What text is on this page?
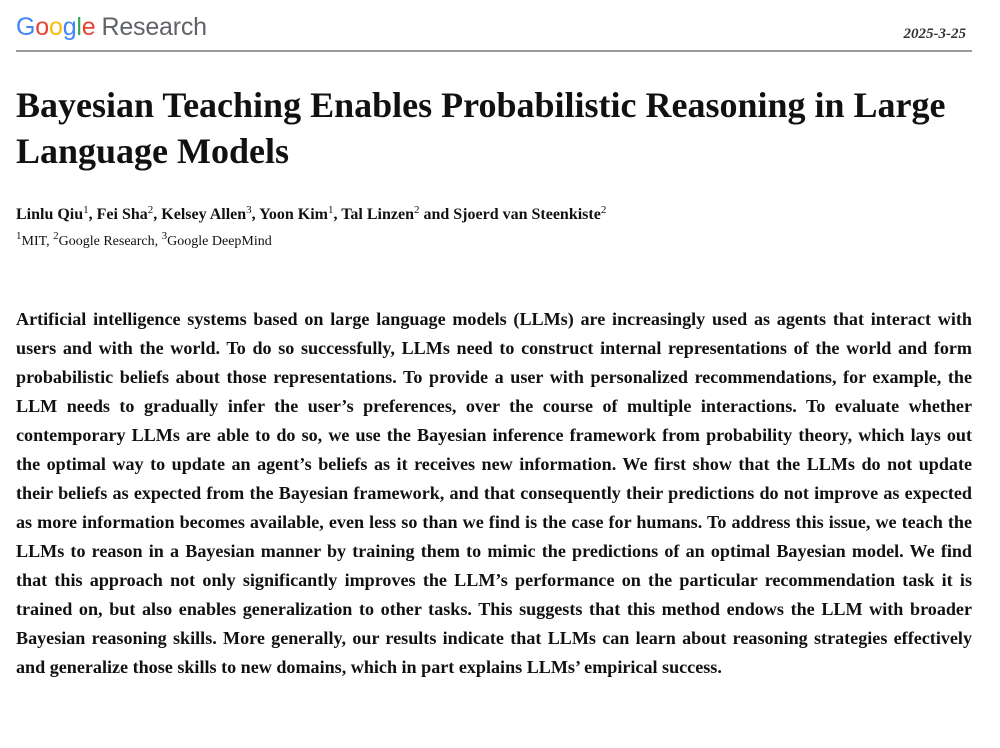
Google Research	2025-3-25
Bayesian Teaching Enables Probabilistic Reasoning in Large Language Models
Linlu Qiu$^1$, Fei Sha$^2$, Kelsey Allen$^3$, Yoon Kim$^1$, Tal Linzen$^2$ and Sjoerd van Steenkiste$^2$
$^1$MIT, $^2$Google Research, $^3$Google DeepMind

Artificial intelligence systems based on large language models (LLMs) are increasingly used as agents that interact with users and with the world. To do so successfully, LLMs need to construct internal representations of the world and form probabilistic beliefs about those representations. To provide a user with personalized recommendations, for example, the LLM needs to gradually infer the user’s preferences, over the course of multiple interactions. To evaluate whether contemporary LLMs are able to do so, we use the Bayesian inference framework from probability theory, which lays out the optimal way to update an agent’s beliefs as it receives new information. We first show that the LLMs do not update their beliefs as expected from the Bayesian framework, and that consequently their predictions do not improve as expected as more information becomes available, even less so than we find is the case for humans. To address this issue, we teach the LLMs to reason in a Bayesian manner by training them to mimic the predictions of an optimal Bayesian model. We find that this approach not only significantly improves the LLM’s performance on the particular recommendation task it is trained on, but also enables generalization to other tasks. This suggests that this method endows the LLM with broader Bayesian reasoning skills. More generally, our results indicate that LLMs can learn about reasoning strategies effectively and generalize those skills to new domains, which in part explains LLMs’ empirical success.
